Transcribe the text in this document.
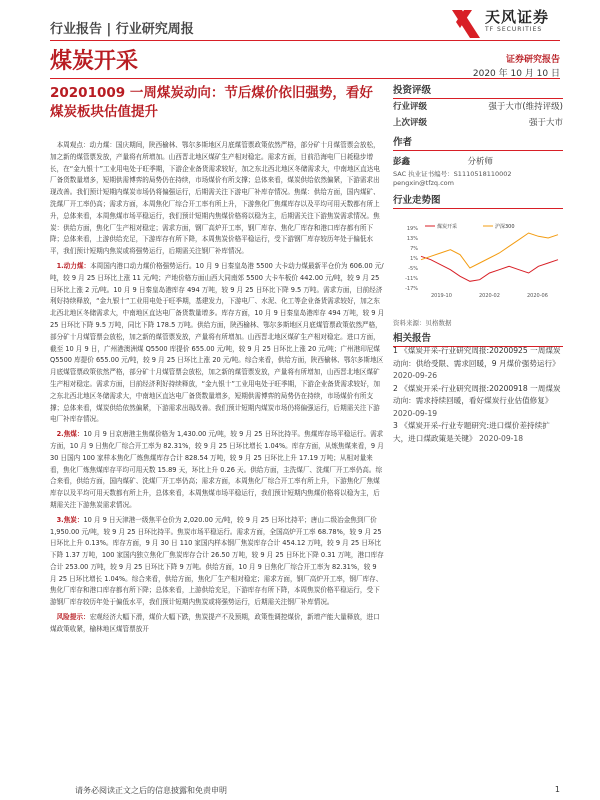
行业报告 | 行业研究周报
天风证券
TF SECURITIES
煤炭开采	证券研究报告
2020 年 10 月 10 日
20201009 一周煤炭动向：节后煤价依旧强势，看好煤炭板块估值提升
投资评级
行业评级	强于大市(维持评级)
上次评级	强于大市
作者
彭鑫	分析师
SAC 执业证书编号：S1110518110002
pengxin@tfzq.com
行业走势图
19%
13%
7%
1%
-5%
-11%
-17%
2019-10	2020-02	2020-06
煤炭开采	沪深300
资料来源：贝格数据
相关报告
1 《煤炭开采-行业研究周报:20200925 一周煤炭动向：供给受限、需求回暖，9 月煤价强势运行》 2020-09-26
2 《煤炭开采-行业研究周报:20200918 一周煤炭动向：需求持续回暖，看好煤炭行业估值修复》 2020-09-19
3 《煤炭开采-行业专题研究:进口煤价差持续扩大，进口煤政策是关键》 2020-09-18

本周观点：动力煤：国庆期间，陕西榆林、鄂尔多斯地区月底煤管票政策依然严格，部分矿十月煤管票会放松，加之新的煤管票发放，产量将有所增加。山西晋北地区煤矿生产相对稳定。需求方面，目前沿海电厂日耗稳步增长，在“金九银十”工业用电处于旺季期，下游企业备货需求较好，加之东北西北地区冬储需求大，中南地区直达电厂备货数量增多，短期供需博弈的局势仍在持续，市场煤价有所支撑；总体来看，煤炭供给依然偏紧，下游需求出现改善。我们预计短期内煤炭市场仍将偏强运行，后期需关注下游电厂补库存情况。焦煤：供给方面，国内煤矿、洗煤厂开工率仍高；需求方面，本周焦化厂综合开工率有所上升，下游焦化厂焦煤库存以及平均可用天数都有所上升，总体来看，本周焦煤市场平稳运行，我们预计短期内焦煤价格将以稳为主，后期需关注下游焦炭需求情况。焦炭：供给方面，焦化厂生产相对稳定；需求方面，钢厂高炉开工率，钢厂库存、焦化厂库存和港口库存都有所下降；总体来看，上游供给充足，下游库存有所下降，本周焦炭价格平稳运行，受下游钢厂库存较历年处于偏低水平，我们预计短期内焦炭或将强势运行，后期需关注钢厂补库情况。

1.动力煤：本周国内港口动力煤价格强势运行。10 月 9 日秦皇岛港 5500 大卡动力煤最新平仓价为 606.00 元/吨，较 9 月 25 日环比上涨 11 元/吨；产地价格方面山西大同南郊 5500 大卡车板价 442.00 元/吨，较 9 月 25 日环比上涨 2 元/吨。10 月 9 日秦皇岛港库存 494 万吨，较 9 月 25 日环比下降 9.5 万吨。需求方面，目前经济利好持续释放，“金九银十”工业用电处于旺季期，基建发力，下游电厂、水泥、化工等企业备货需求较好，加之东北西北地区冬储需求大，中南地区直达电厂备货数量增多。库存方面，10 月 9 日秦皇岛港库存 494 万吨，较 9 月 25 日环比下降 9.5 万吨，同比下降 178.5 万吨。供给方面，陕西榆林、鄂尔多斯地区月底煤管票政策依然严格，部分矿十月煤管票会放松，加之新的煤管票发放，产量将有所增加。山西晋北地区煤矿生产相对稳定。进口方面，截至 10 月 9 日，广州港澳洲煤 Q5500 库提价 655.00 元/吨，较 9 月 25 日环比上涨 20 元/吨；广州港印尼煤 Q5500 库提价 655.00 元/吨，较 9 月 25 日环比上涨 20 元/吨。综合来看，供给方面，陕西榆林、鄂尔多斯地区月底煤管票政策依然严格，部分矿十月煤管票会放松，加之新的煤管票发放，产量将有所增加，山西晋北地区煤矿生产相对稳定。需求方面，目前经济利好持续释放，“金九银十”工业用电处于旺季期，下游企业备货需求较好，加之东北西北地区冬储需求大，中南地区直达电厂备货数量增多，短期供需博弈的局势仍在持续，市场煤价有所支撑；总体来看，煤炭供给依然偏紧，下游需求出现改善。我们预计短期内煤炭市场仍将偏强运行，后期需关注下游电厂补库存情况。

2.焦煤：10 月 9 日京唐港主焦煤价格为 1,430.00 元/吨，较 9 月 25 日环比持平。焦煤库存场平稳运行。需求方面，10 月 9 日焦化厂综合开工率为 82.31%，较 9 月 25 日环比增长 1.04%。库存方面，从炼焦煤来看，9 月 30 日国内 100 家样本焦化厂炼焦煤库存合计 828.54 万吨，较 9 月 25 日环比上升 17.19 万吨；从相对量来看，焦化厂炼焦煤库存平均可用天数 15.89 天，环比上升 0.26 天。供给方面，主洗煤厂、洗煤厂开工率仍高。综合来看，供给方面，国内煤矿、洗煤厂开工率仍高；需求方面，本周焦化厂综合开工率有所上升，下游焦化厂焦煤库存以及平均可用天数都有所上升，总体来看，本周焦煤市场平稳运行，我们预计短期内焦煤价格将以稳为主，后期需关注下游焦炭需求情况。

3.焦炭：10 月 9 日天津港一级焦平仓价为 2,020.00 元/吨，较 9 月 25 日环比持平；唐山二级冶金焦到厂价 1,950.00 元/吨，较 9 月 25 日环比持平。焦炭市场平稳运行。需求方面，全国高炉开工率 68.78%，较 9 月 25 日环比上升 0.13%。库存方面，9 月 30 日 110 家国内样本钢厂焦炭库存合计 454.12 万吨，较 9 月 25 日环比下降 1.37 万吨，100 家国内独立焦化厂焦炭库存合计 26.50 万吨，较 9 月 25 日环比下降 0.31 万吨，港口库存合计 253.00 万吨，较 9 月 25 日环比下降 9 万吨。供给方面，10 月 9 日焦化厂综合开工率为 82.31%，较 9 月 25 日环比增长 1.04%。综合来看，供给方面，焦化厂生产相对稳定；需求方面，钢厂高炉开工率，钢厂库存、焦化厂库存和港口库存都有所下降；总体来看，上游供给充足，下游库存有所下降，本周焦炭价格平稳运行，受下游钢厂库存较历年处于偏低水平，我们预计短期内焦炭或将强势运行，后期需关注钢厂补库情况。

风险提示：宏观经济大幅下滑，煤价大幅下跌，焦炭提产不及预期，政策性调控煤价，新增产能大量释放，进口煤政策收紧，榆林地区煤管票放开

请务必阅读正文之后的信息披露和免责申明	1
